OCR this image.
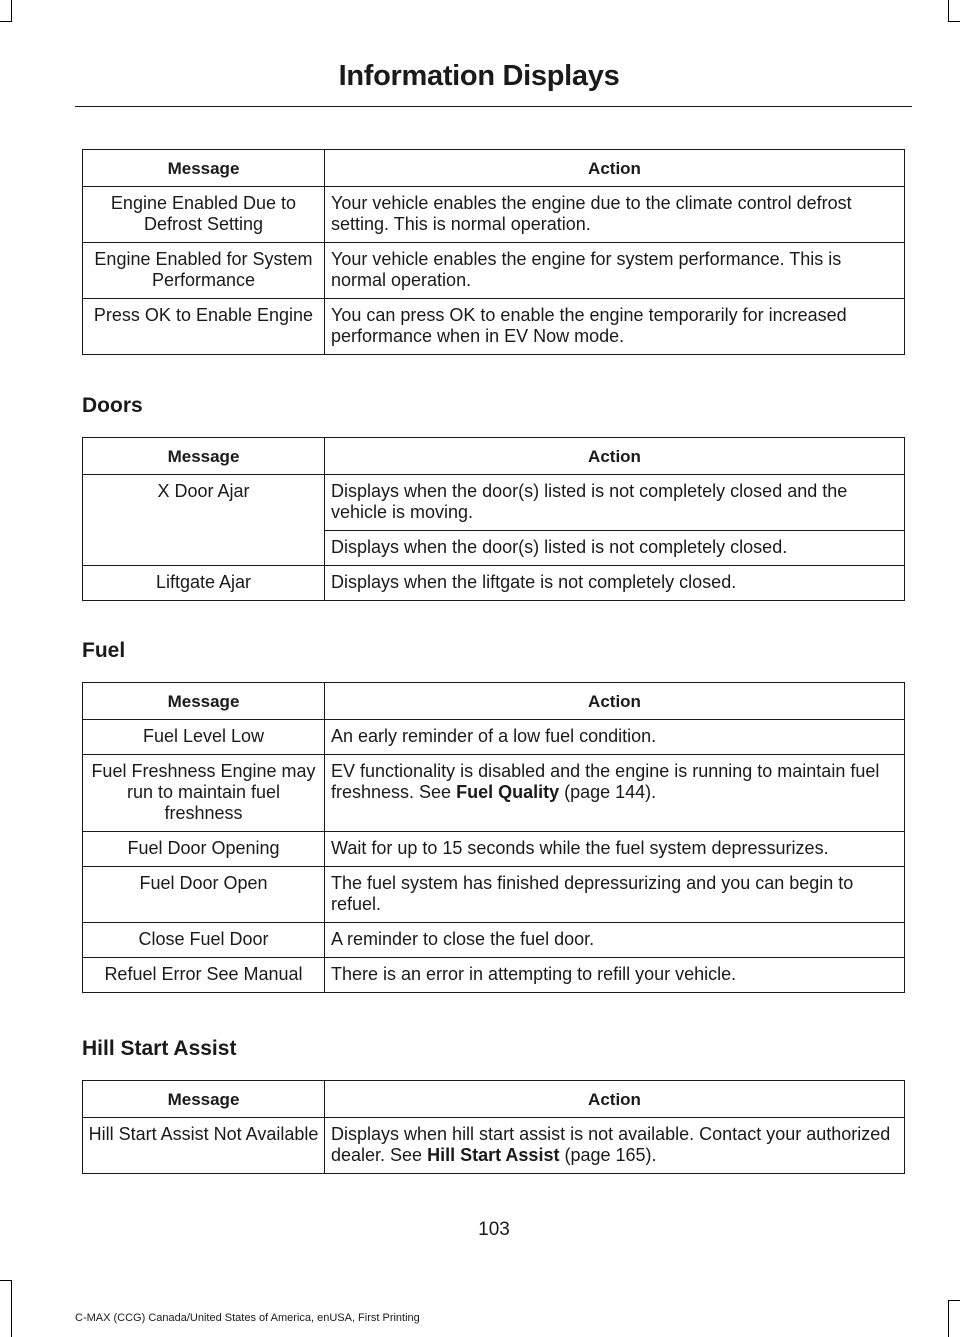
Information Displays
Message	Action
Engine Enabled Due to Defrost Setting	Your vehicle enables the engine due to the climate control defrost setting. This is normal operation.
Engine Enabled for System Performance	Your vehicle enables the engine for system performance. This is normal operation.
Press OK to Enable Engine	You can press OK to enable the engine temporarily for increased performance when in EV Now mode.
Doors
Message	Action
X Door Ajar	Displays when the door(s) listed is not completely closed and the vehicle is moving.
	Displays when the door(s) listed is not completely closed.
Liftgate Ajar	Displays when the liftgate is not completely closed.
Fuel
Message	Action
Fuel Level Low	An early reminder of a low fuel condition.
Fuel Freshness Engine may run to maintain fuel freshness	EV functionality is disabled and the engine is running to maintain fuel freshness. See Fuel Quality (page 144).
Fuel Door Opening	Wait for up to 15 seconds while the fuel system depressurizes.
Fuel Door Open	The fuel system has finished depressurizing and you can begin to refuel.
Close Fuel Door	A reminder to close the fuel door.
Refuel Error See Manual	There is an error in attempting to refill your vehicle.
Hill Start Assist
Message	Action
Hill Start Assist Not Available	Displays when hill start assist is not available. Contact your authorized dealer. See Hill Start Assist (page 165).
103
C-MAX (CCG) Canada/United States of America, enUSA, First Printing
